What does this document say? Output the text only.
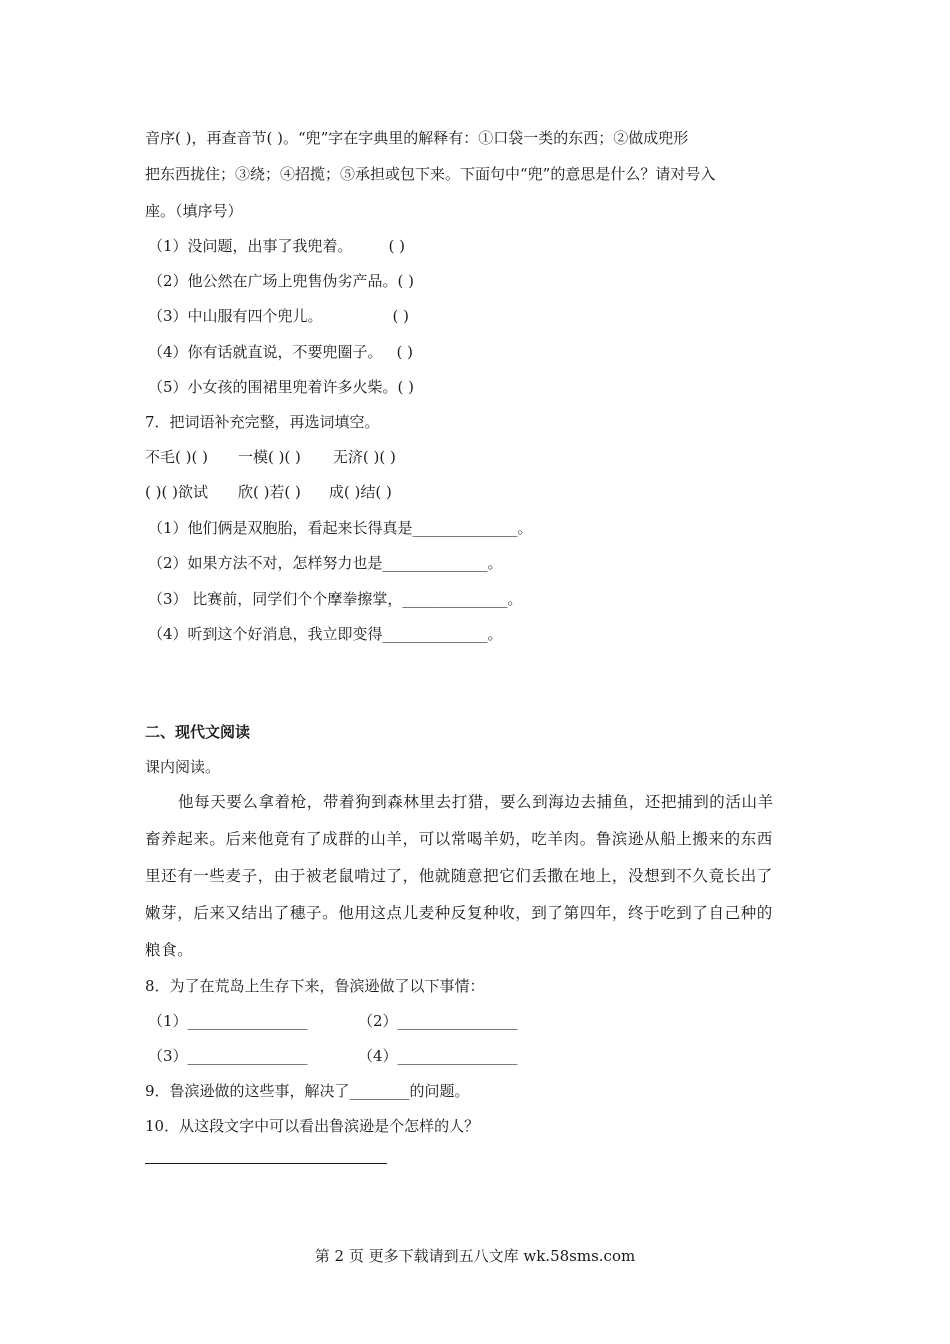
音序( )，再查音节( )。“兜”字在字典里的解释有：①口袋一类的东西；②做成兜形
把东西拢住；③绕；④招揽；⑤承担或包下来。下面句中“兜”的意思是什么？请对号入
座。（填序号）
（1）没问题，出事了我兜着。 ( )
（2）他公然在广场上兜售伪劣产品。( )
（3）中山服有四个兜儿。	( )
（4）你有话就直说，不要兜圈子。 ( )
（5）小女孩的围裙里兜着许多火柴。( )
7．把词语补充完整，再选词填空。
不毛( )( ) 一模( )( ) 无济( )( )
( )( )欲试 欣( )若( ) 成( )结( )
（1）他们俩是双胞胎，看起来长得真是______________。
（2）如果方法不对，怎样努力也是______________。
（3） 比赛前，同学们个个摩拳擦掌，______________。
（4）听到这个好消息，我立即变得______________。
二、现代文阅读
课内阅读。
他每天要么拿着枪，带着狗到森林里去打猎，要么到海边去捕鱼，还把捕到的活山羊
畜养起来。后来他竟有了成群的山羊，可以常喝羊奶，吃羊肉。鲁滨逊从船上搬来的东西
里还有一些麦子，由于被老鼠啃过了，他就随意把它们丢撒在地上，没想到不久竟长出了
嫩芽，后来又结出了穗子。他用这点儿麦种反复种收，到了第四年，终于吃到了自己种的
粮食。
8．为了在荒岛上生存下来，鲁滨逊做了以下事情：
（1）________________	（2）________________
（3）________________	（4）________________
9．鲁滨逊做的这些事，解决了________的问题。
10．从这段文字中可以看出鲁滨逊是个怎样的人？
第 2 页 更多下载请到五八文库 wk.58sms.com
